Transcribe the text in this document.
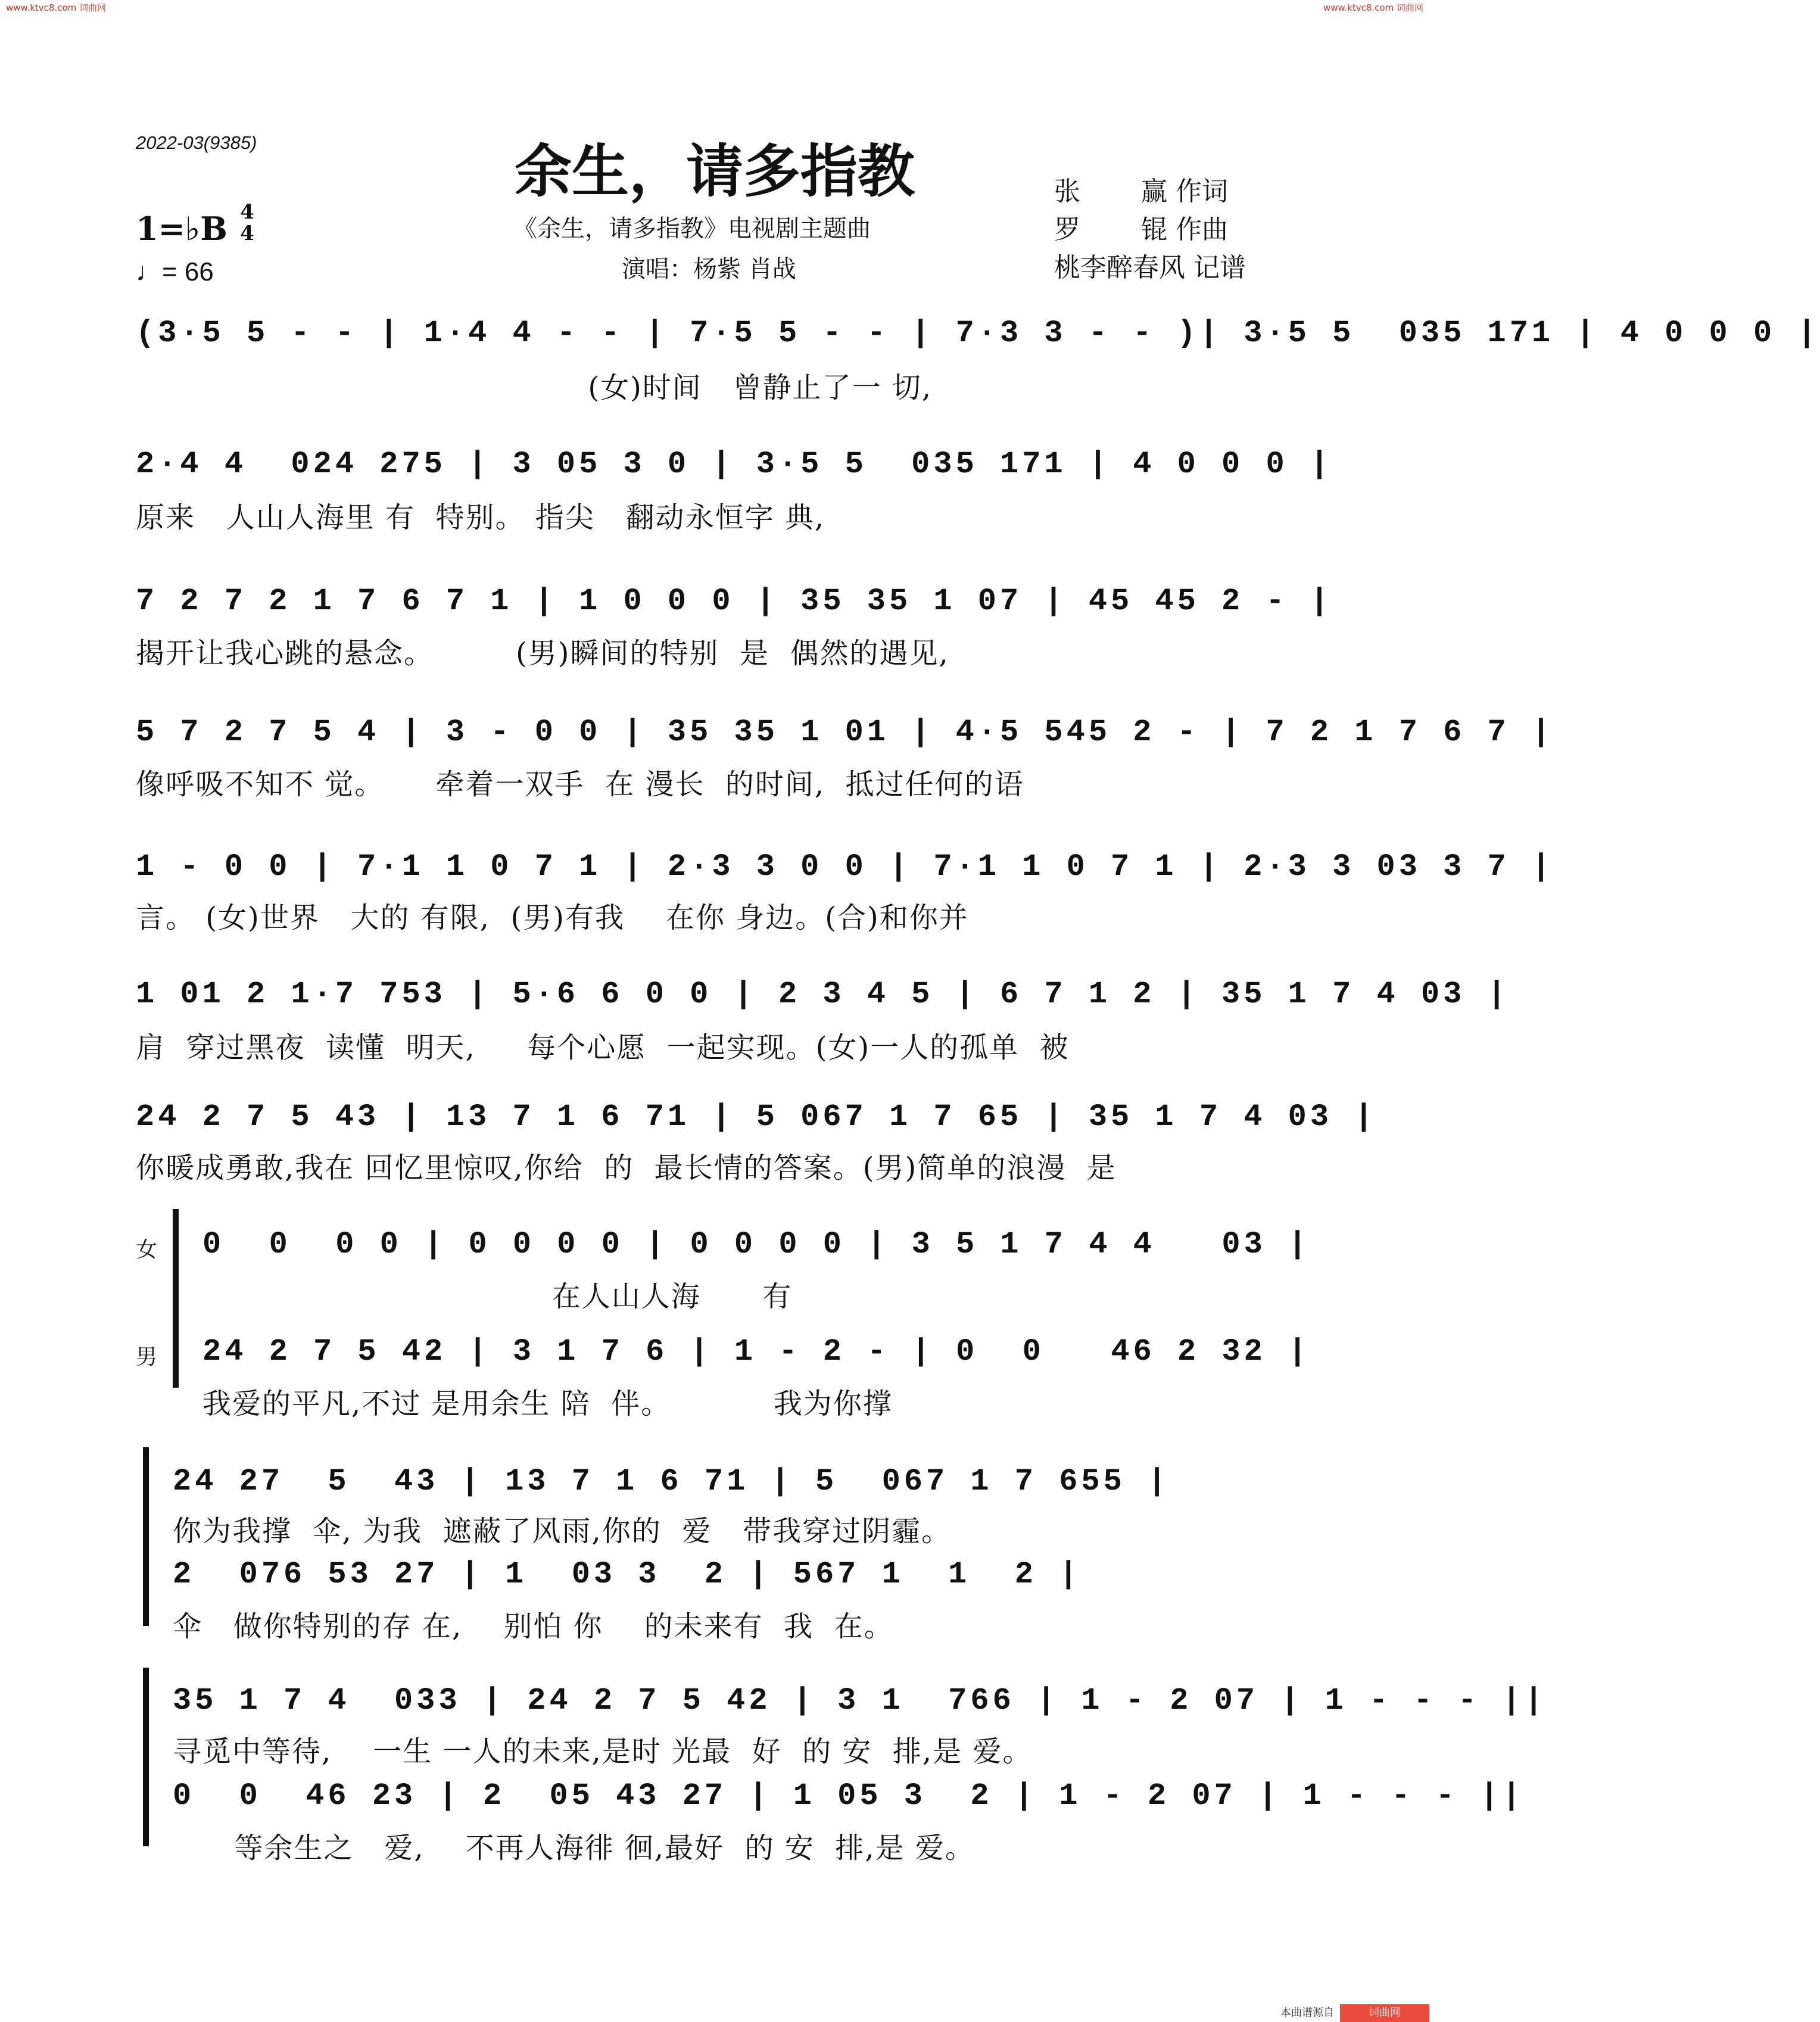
www.ktvc8.com 词曲网	www.ktvc8.com 词曲网
本曲谱源自	词曲网
2022-03(9385)	余生，请多指教
《余生，请多指教》电视剧主题曲
演唱：杨紫 肖战
张　　 赢 作词
罗　　 锟 作曲
桃李醉春风 记谱
1=♭B 4
4
♩= 66
(3·5 5 - - | 1·4 4 - - | 7·5 5 - - | 7·3 3 - - )| 3·5 5  035 171 | 4 0 0 0 |
(女)时间   曾静止了一 切,
2·4 4  024 275 | 3 05 3 0 | 3·5 5  035 171 | 4 0 0 0 |
原来   人山人海里 有  特别。 指尖   翻动永恒字 典,
7 2 7 2 1 7 6 7 1 | 1 0 0 0 | 35 35 1 07 | 45 45 2 - |
揭开让我心跳的悬念。        (男)瞬间的特别  是  偶然的遇见,
5 7 2 7 5 4 | 3 - 0 0 | 35 35 1 01 | 4·5 545 2 - | 7 2 1 7 6 7 |
像呼吸不知不 觉。     牵着一双手  在 漫长  的时间,  抵过任何的语
1 - 0 0 | 7·1 1 0 7 1 | 2·3 3 0 0 | 7·1 1 0 7 1 | 2·3 3 03 3 7 |
言。 (女)世界   大的 有限,  (男)有我    在你 身边。(合)和你并
1 01 2 1·7 753 | 5·6 6 0 0 | 2 3 4 5 | 6 7 1 2 | 35 1 7 4 03 |
肩  穿过黑夜  读懂  明天,     每个心愿  一起实现。(女)一人的孤单  被
24 2 7 5 43 | 13 7 1 6 71 | 5 067 1 7 65 | 35 1 7 4 03 |
你暖成勇敢,我在 回忆里惊叹,你给  的  最长情的答案。(男)简单的浪漫  是
女
男
0  0  0 0 | 0 0 0 0 | 0 0 0 0 | 3 5 1 7 4 4   03 |
在人山人海      有
24 2 7 5 42 | 3 1 7 6 | 1 - 2 - | 0  0   46 2 32 |
我爱的平凡,不过 是用余生 陪  伴。          我为你撑
24 27  5  43 | 13 7 1 6 71 | 5  067 1 7 655 |
你为我撑  伞, 为我  遮蔽了风雨,你的  爱   带我穿过阴霾。
2  076 53 27 | 1  03 3  2 | 567 1  1  2 |
伞   做你特别的存 在,    别怕 你    的未来有  我  在。
35 1 7 4  033 | 24 2 7 5 42 | 3 1  766 | 1 - 2 07 | 1 - - - ||
寻觅中等待,    一生 一人的未来,是时 光最  好  的 安  排,是 爱。
0  0  46 23 | 2  05 43 27 | 1 05 3  2 | 1 - 2 07 | 1 - - - ||
等余生之   爱,    不再人海徘 徊,最好  的 安  排,是 爱。
